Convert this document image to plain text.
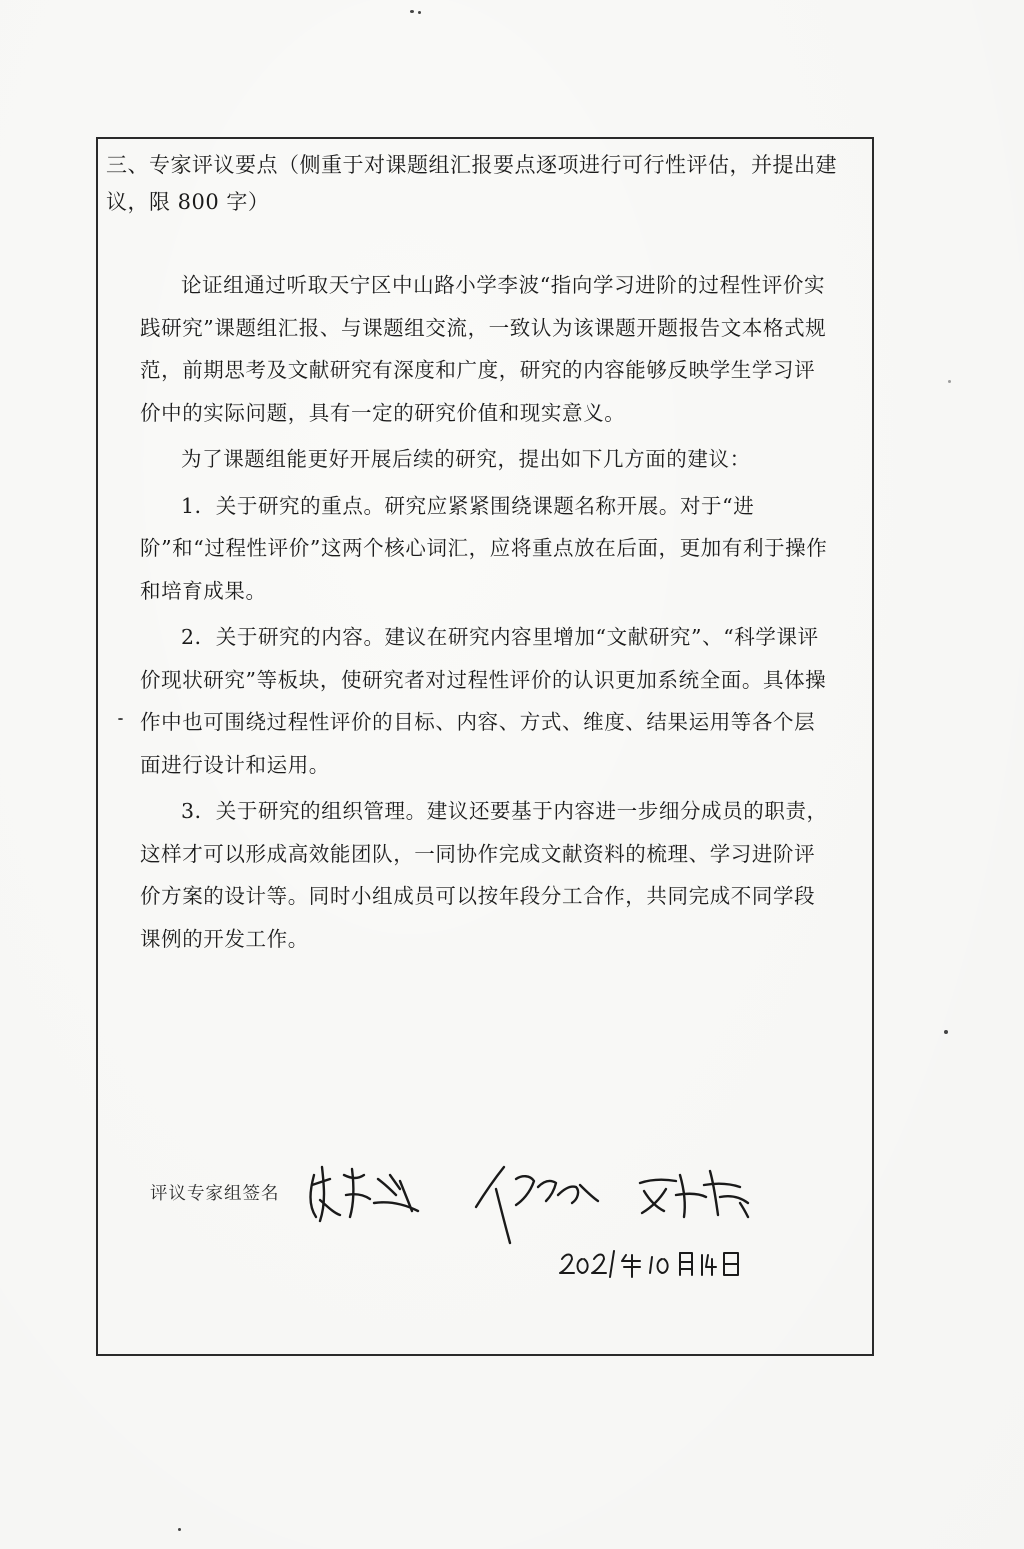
三、专家评议要点（侧重于对课题组汇报要点逐项进行可行性评估，并提出建议，限 800 字）

论证组通过听取天宁区中山路小学李波“指向学习进阶的过程性评价实践研究”课题组汇报、与课题组交流，一致认为该课题开题报告文本格式规范，前期思考及文献研究有深度和广度，研究的内容能够反映学生学习评价中的实际问题，具有一定的研究价值和现实意义。

为了课题组能更好开展后续的研究，提出如下几方面的建议：

1．关于研究的重点。研究应紧紧围绕课题名称开展。对于“进阶”和“过程性评价”这两个核心词汇，应将重点放在后面，更加有利于操作和培育成果。

2．关于研究的内容。建议在研究内容里增加“文献研究”、“科学课评价现状研究”等板块，使研究者对过程性评价的认识更加系统全面。具体操作中也可围绕过程性评价的目标、内容、方式、维度、结果运用等各个层面进行设计和运用。

3．关于研究的组织管理。建议还要基于内容进一步细分成员的职责，这样才可以形成高效能团队，一同协作完成文献资料的梳理、学习进阶评价方案的设计等。同时小组成员可以按年段分工合作，共同完成不同学段课例的开发工作。

评议专家组签名
